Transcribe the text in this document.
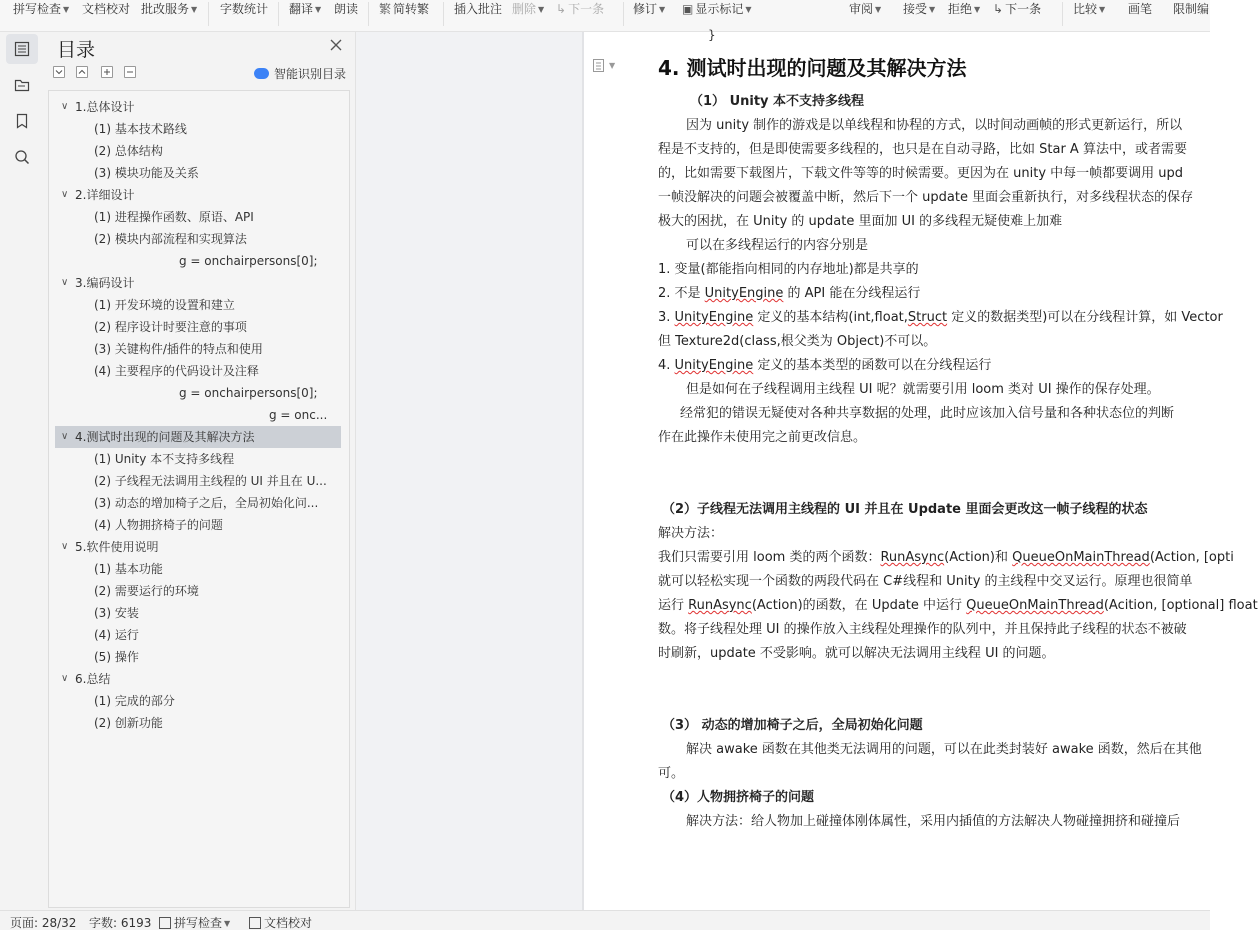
拼写检查 ▼ 文档校对 批改服务 ▼ 字数统计 翻译 ▼ 朗读 繁 简转繁 插入批注 删除 ▼ ↳ 下一条 修订 ▼ ▣ 显示标记 ▼	审阅 ▼ 接受 ▼ 拒绝 ▼ ↳ 下一条	比较 ▼ 画笔 限制编
目录
智能识别目录
∨ 1.总体设计
(1) 基本技术路线
(2) 总体结构
(3) 模块功能及关系
∨ 2.详细设计
(1) 进程操作函数、原语、API
(2) 模块内部流程和实现算法
g = onchairpersons[0];
∨ 3.编码设计
(1) 开发环境的设置和建立
(2) 程序设计时要注意的事项
(3) 关键构件/插件的特点和使用
(4) 主要程序的代码设计及注释
g = onchairpersons[0];
g = onc...
∨ 4.测试时出现的问题及其解决方法
(1) Unity 本不支持多线程
(2) 子线程无法调用主线程的 UI 并且在 U...
(3) 动态的增加椅子之后，全局初始化问...
(4) 人物拥挤椅子的问题
∨ 5.软件使用说明
(1) 基本功能
(2) 需要运行的环境
(3) 安装
(4) 运行
(5) 操作
∨ 6.总结
(1) 完成的部分
(2) 创新功能
}
▼ 4. 测试时出现的问题及其解决方法
（1） Unity 本不支持多线程
因为 unity 制作的游戏是以单线程和协程的方式，以时间动画帧的形式更新运行，所以
程是不支持的，但是即使需要多线程的，也只是在自动寻路，比如 Star A 算法中，或者需要
的，比如需要下载图片，下载文件等等的时候需要。更因为在 unity 中每一帧都要调用 upd
一帧没解决的问题会被覆盖中断，然后下一个 update 里面会重新执行，对多线程状态的保存
极大的困扰，在 Unity 的 update 里面加 UI 的多线程无疑使难上加难
可以在多线程运行的内容分别是
1. 变量(都能指向相同的内存地址)都是共享的
2. 不是 UnityEngine 的 API 能在分线程运行
3. UnityEngine 定义的基本结构(int,float,Struct 定义的数据类型)可以在分线程计算，如 Vector
但 Texture2d(class,根父类为 Object)不可以。
4. UnityEngine 定义的基本类型的函数可以在分线程运行
但是如何在子线程调用主线程 UI 呢？就需要引用 loom 类对 UI 操作的保存处理。
经常犯的错误无疑使对各种共享数据的处理，此时应该加入信号量和各种状态位的判断
作在此操作未使用完之前更改信息。
（2）子线程无法调用主线程的 UI 并且在 Update 里面会更改这一帧子线程的状态
解决方法：
我们只需要引用 loom 类的两个函数：RunAsync(Action)和 QueueOnMainThread(Action, [opti
就可以轻松实现一个函数的两段代码在 C#线程和 Unity 的主线程中交叉运行。原理也很简单
运行 RunAsync(Action)的函数，在 Update 中运行 QueueOnMainThread(Acition, [optional] float
数。将子线程处理 UI 的操作放入主线程处理操作的队列中，并且保持此子线程的状态不被破
时刷新，update 不受影响。就可以解决无法调用主线程 UI 的问题。
（3） 动态的增加椅子之后，全局初始化问题
解决 awake 函数在其他类无法调用的问题，可以在此类封装好 awake 函数，然后在其他
可。
（4）人物拥挤椅子的问题
解决方法：给人物加上碰撞体刚体属性，采用内插值的方法解决人物碰撞拥挤和碰撞后
页面: 28/32 字数: 6193	拼写检查 ▼	文档校对
